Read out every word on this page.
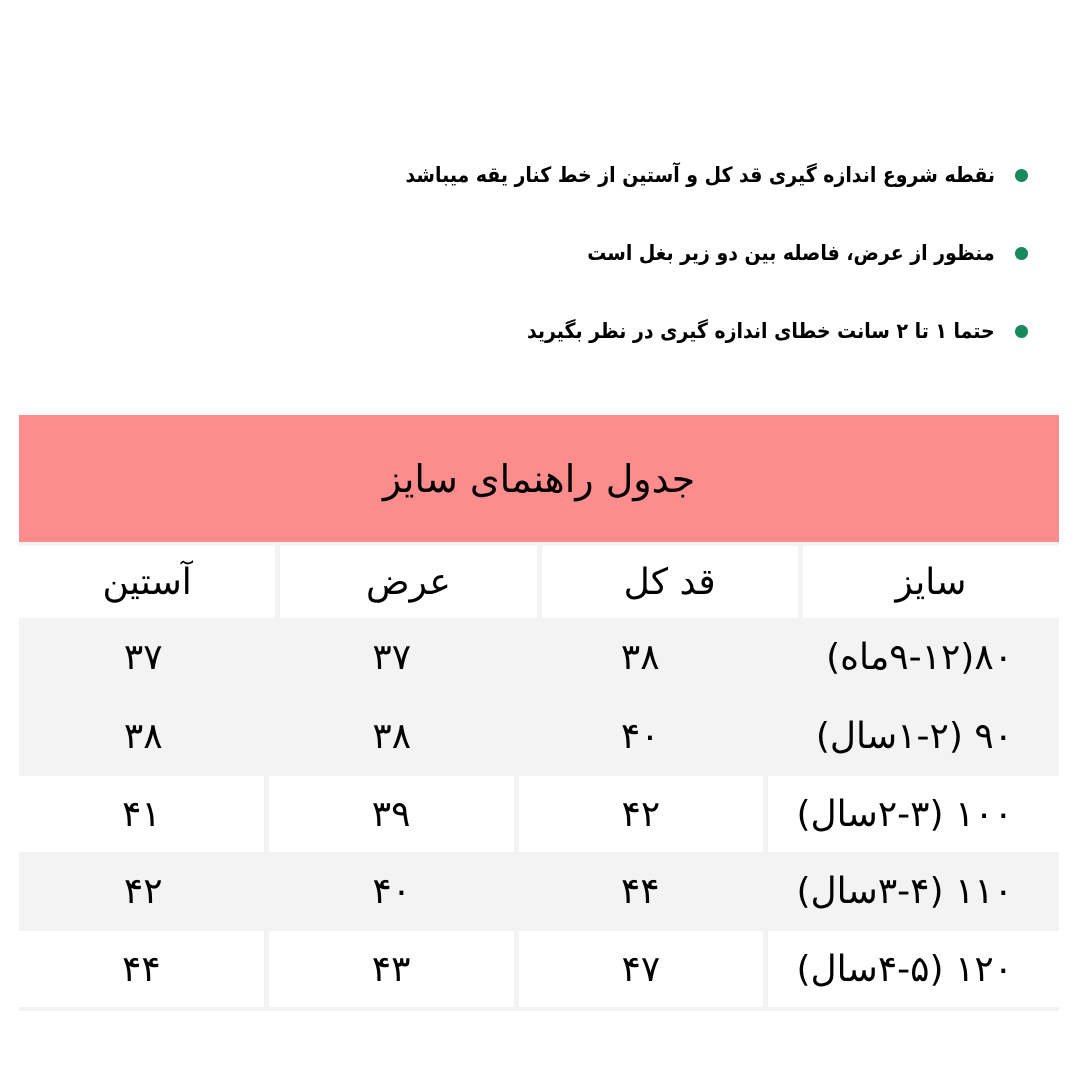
نقطه شروع اندازه گیری قد کل و آستین از خط کنار یقه میباشد
منظور از عرض، فاصله بین دو زیر بغل است
حتما ۱ تا ۲ سانت خطای اندازه گیری در نظر بگیرید
جدول راهنمای سایز
سایز
قد کل
عرض
آستین
۸۰(۹-۱۲ماه)
۳۸
۳۷
۳۷
۹۰ (۱-۲سال)
۴۰
۳۸
۳۸
۱۰۰ (۲-۳سال)
۴۲
۳۹
۴۱
۱۱۰ (۳-۴سال)
۴۴
۴۰
۴۲
۱۲۰ (۴-۵سال)
۴۷
۴۳
۴۴
